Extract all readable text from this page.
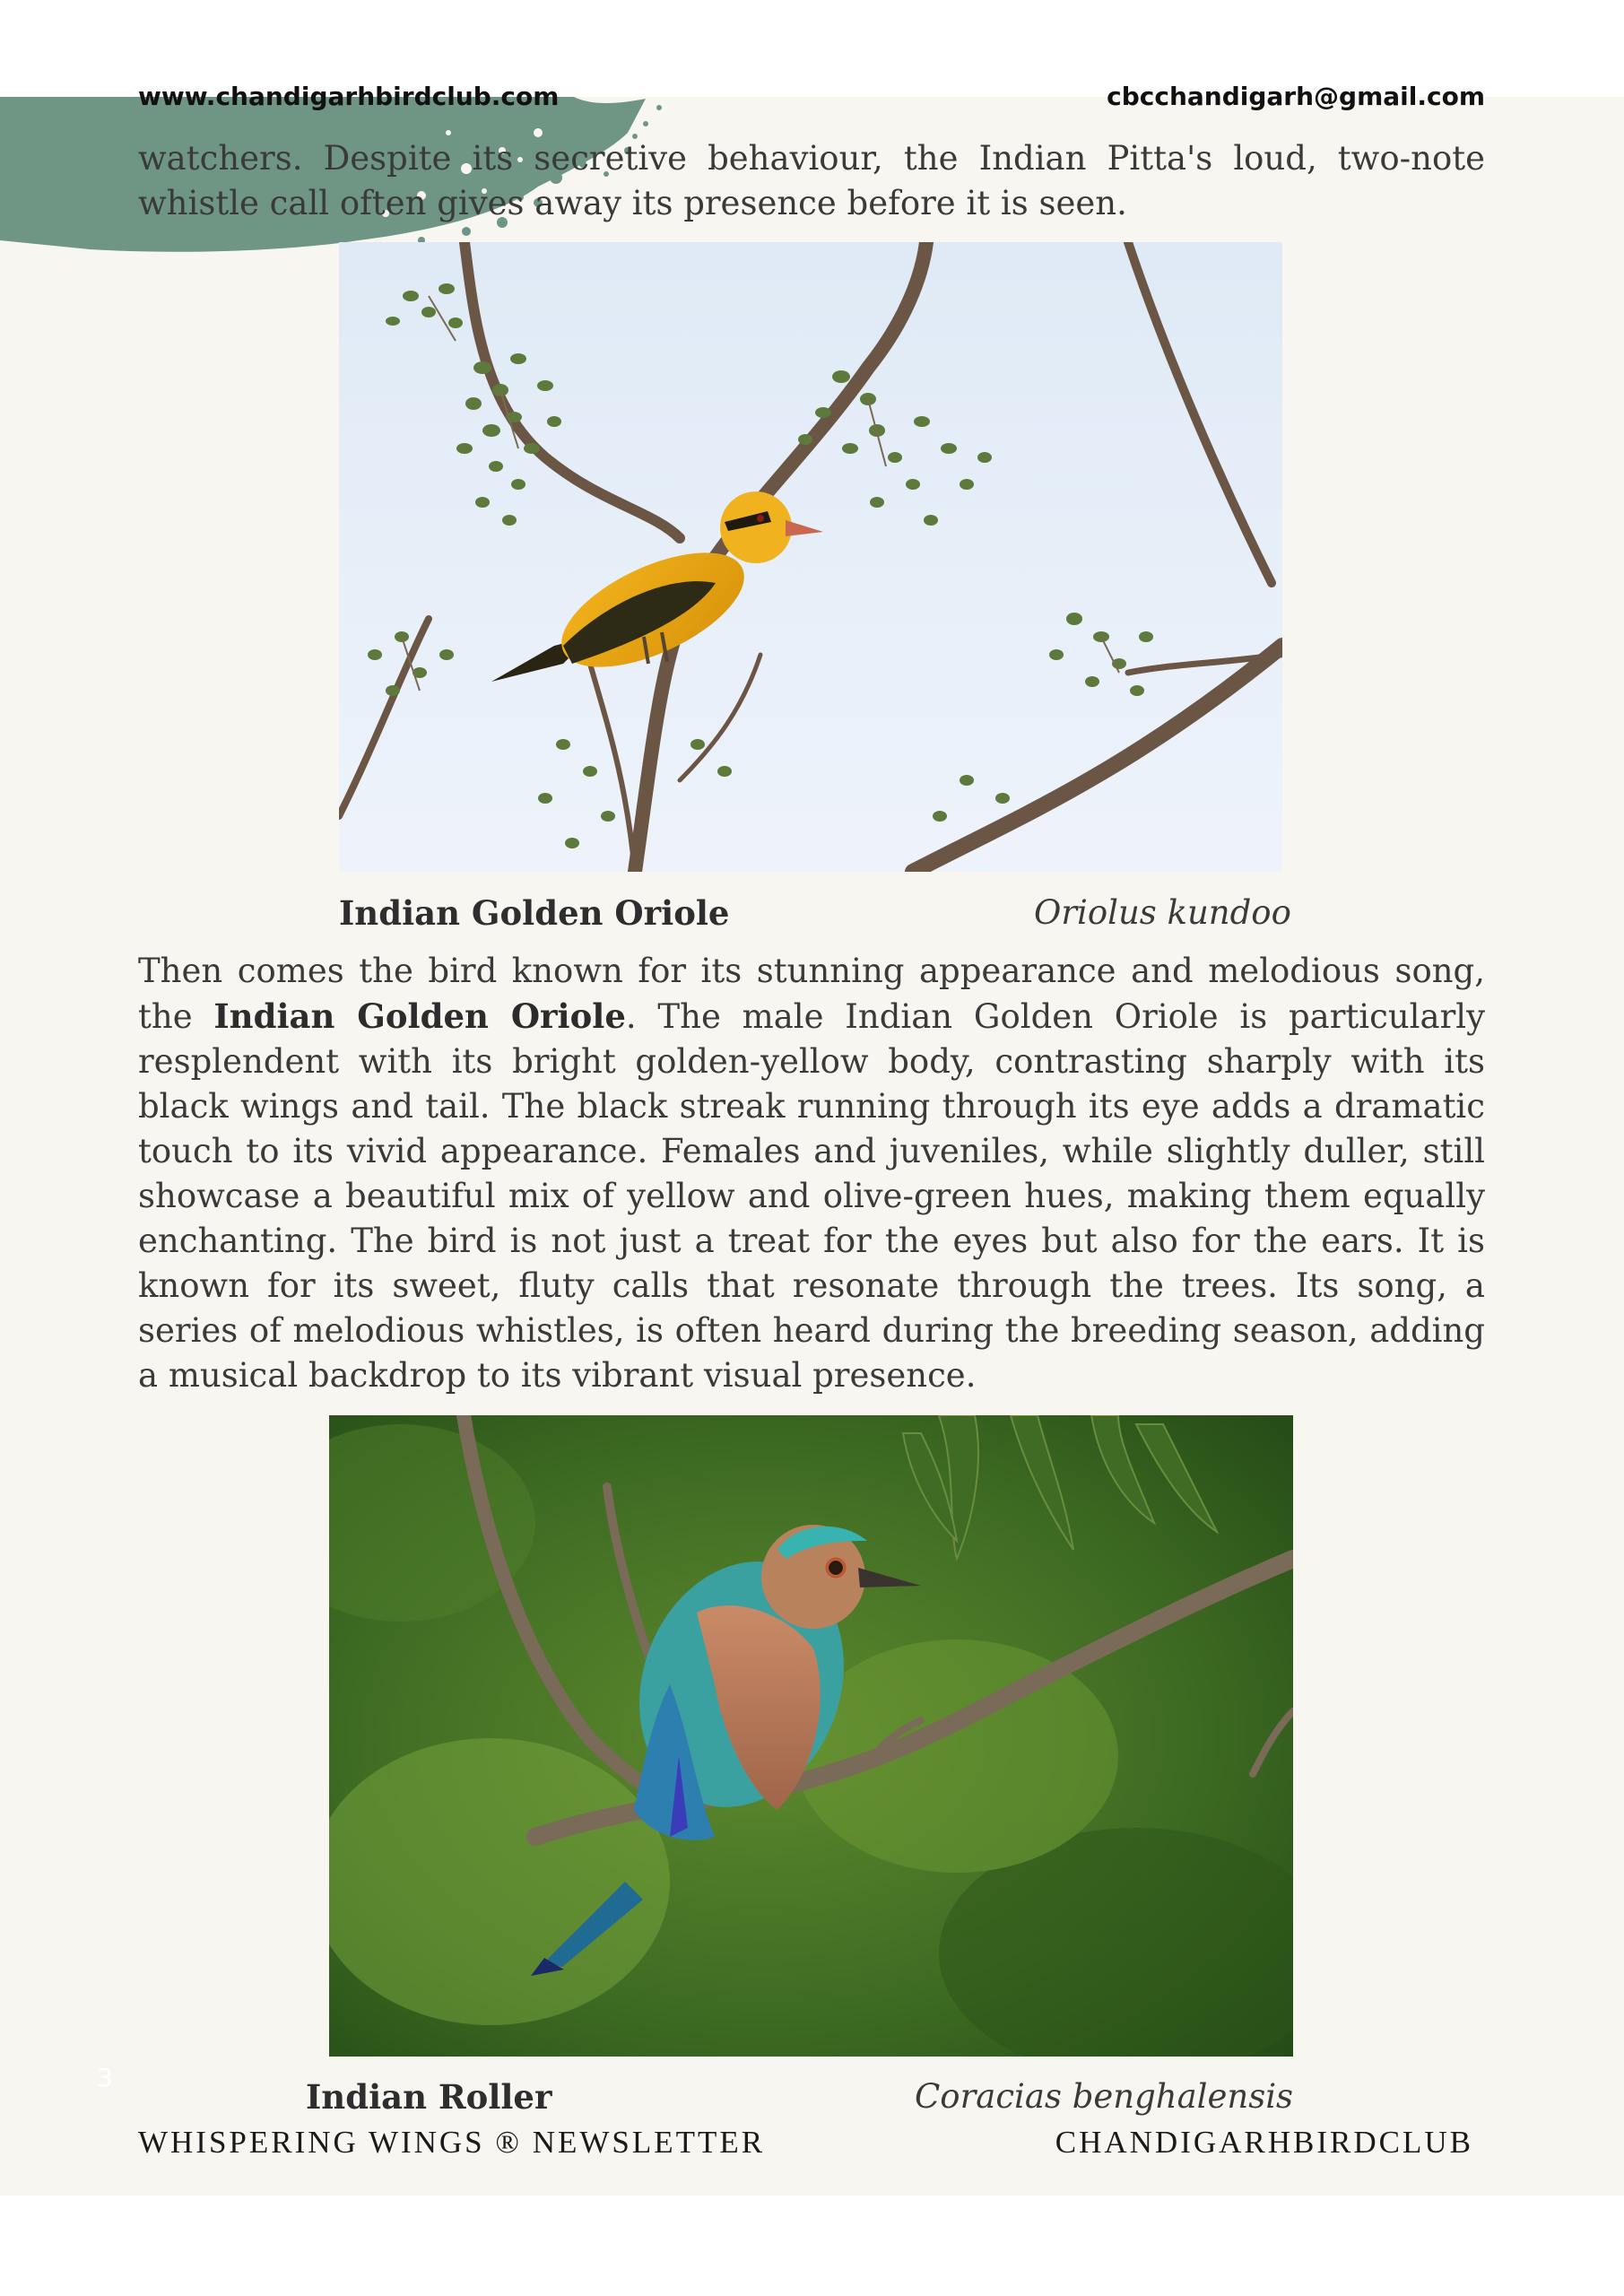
www.chandigarhbirdclub.com	cbcchandigarh@gmail.com

watchers. Despite its secretive behaviour, the Indian Pitta's loud, two-note whistle call often gives away its presence before it is seen.

Indian Golden Oriole	Oriolus kundoo

Then comes the bird known for its stunning appearance and melodious song, the Indian Golden Oriole. The male Indian Golden Oriole is particularly resplendent with its bright golden-yellow body, contrasting sharply with its black wings and tail. The black streak running through its eye adds a dramatic touch to its vivid appearance. Females and juveniles, while slightly duller, still showcase a beautiful mix of yellow and olive-green hues, making them equally enchanting. The bird is not just a treat for the eyes but also for the ears. It is known for its sweet, fluty calls that resonate through the trees. Its song, a series of melodious whistles, is often heard during the breeding season, adding a musical backdrop to its vibrant visual presence.

3	Indian Roller	Coracias benghalensis
WHISPERING WINGS ® NEWSLETTER	CHANDIGARHBIRDCLUB
